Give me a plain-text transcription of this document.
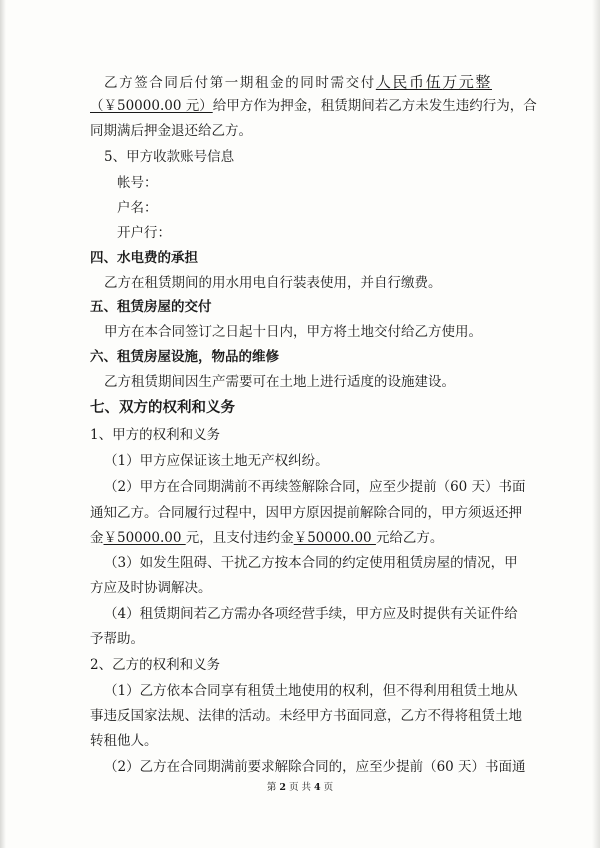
乙方签合同后付第一期租金的同时需交付人民币伍万元整
（￥50000.00 元）给甲方作为押金，租赁期间若乙方未发生违约行为，合
同期满后押金退还给乙方。
5、甲方收款账号信息
帐号：
户名：
开户行：
四、水电费的承担
乙方在租赁期间的用水用电自行装表使用，并自行缴费。
五、租赁房屋的交付
甲方在本合同签订之日起十日内，甲方将土地交付给乙方使用。
六、租赁房屋设施，物品的维修
乙方租赁期间因生产需要可在土地上进行适度的设施建设。
七、双方的权利和义务
1、甲方的权利和义务
（1）甲方应保证该土地无产权纠纷。
（2）甲方在合同期满前不再续签解除合同，应至少提前（60 天）书面
通知乙方。合同履行过程中，因甲方原因提前解除合同的，甲方须返还押
金￥50000.00 元，且支付违约金￥50000.00 元给乙方。
（3）如发生阻碍、干扰乙方按本合同的约定使用租赁房屋的情况，甲
方应及时协调解决。
（4）租赁期间若乙方需办各项经营手续，甲方应及时提供有关证件给
予帮助。
2、乙方的权利和义务
（1）乙方依本合同享有租赁土地使用的权利，但不得利用租赁土地从
事违反国家法规、法律的活动。未经甲方书面同意，乙方不得将租赁土地
转租他人。
（2）乙方在合同期满前要求解除合同的，应至少提前（60 天）书面通
第 2 页 共 4 页
